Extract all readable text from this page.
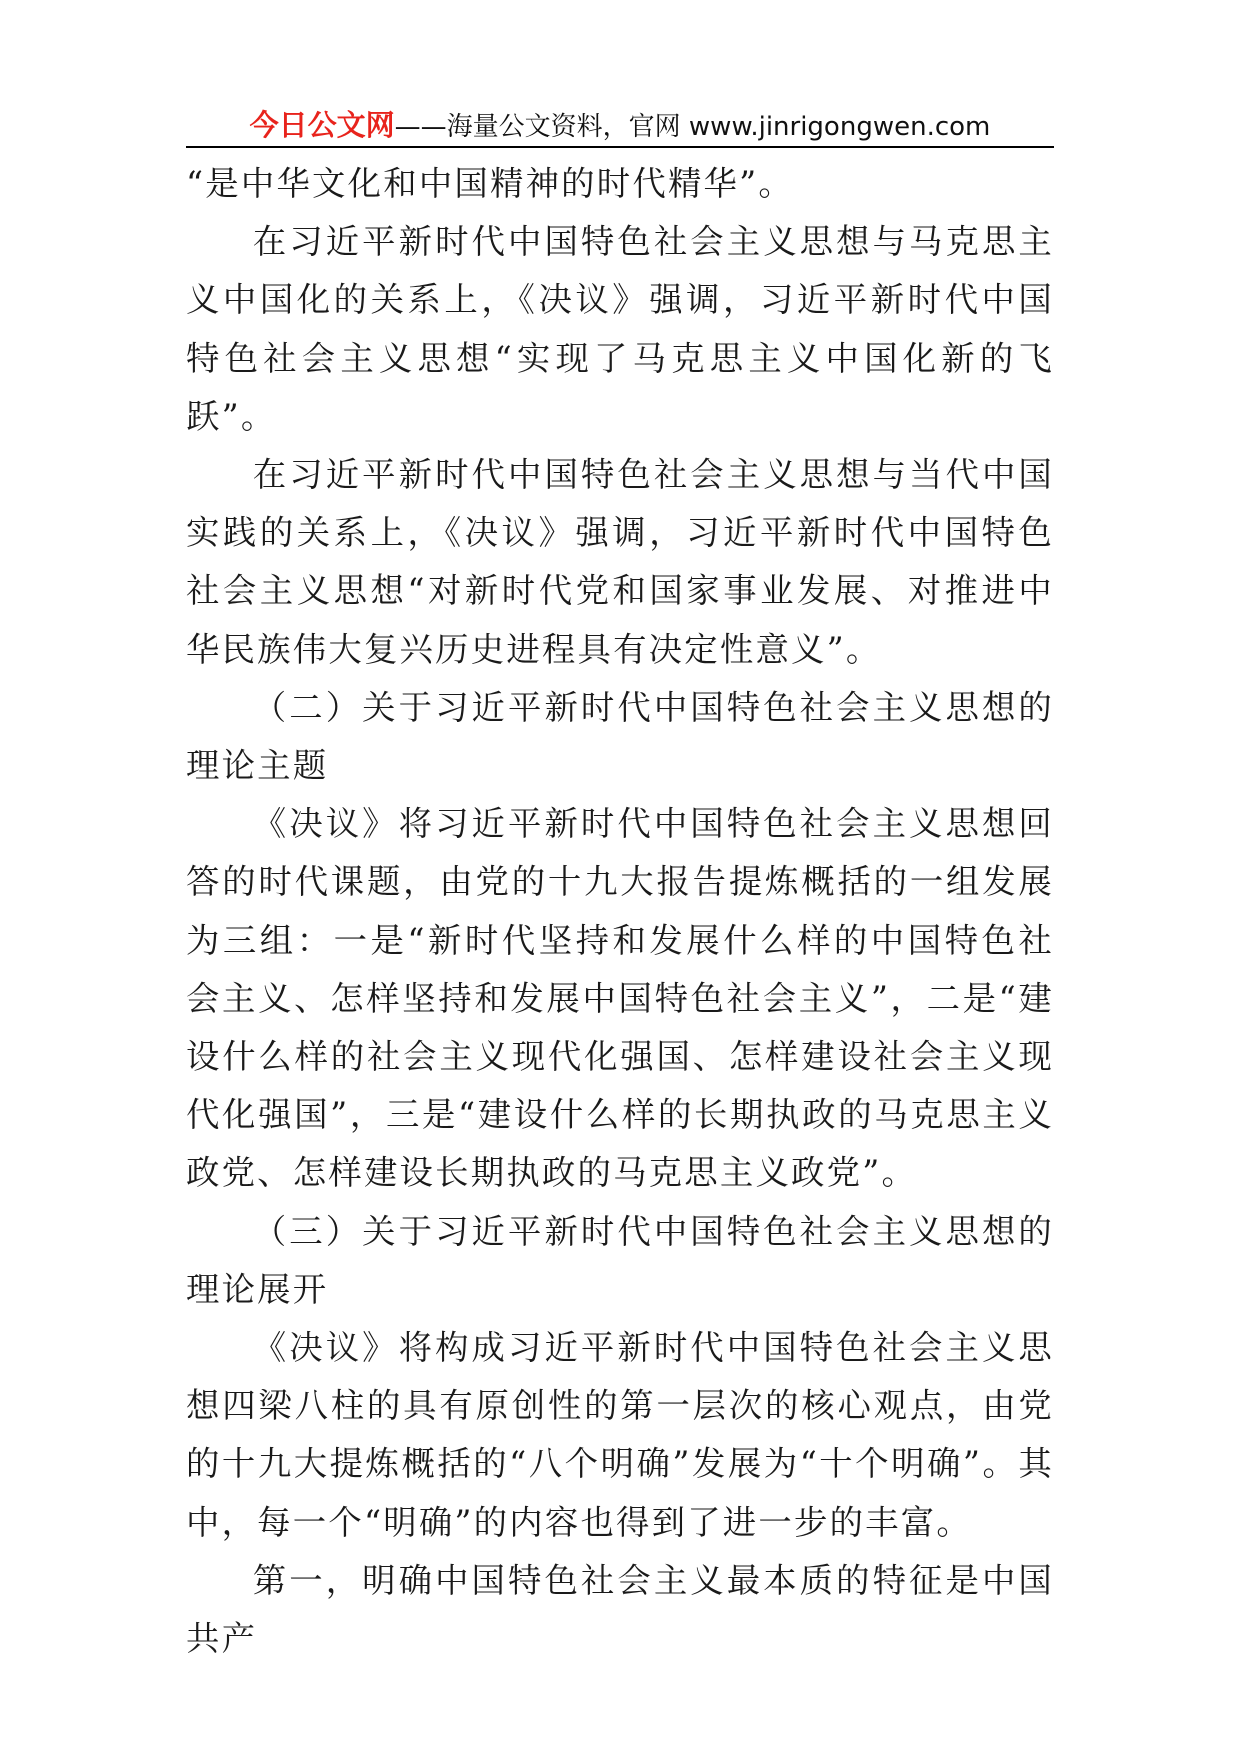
今日公文网——海量公文资料，官网 www.jinrigongwen.com

“是中华文化和中国精神的时代精华”。

在习近平新时代中国特色社会主义思想与马克思主义中国化的关系上，《决议》强调，习近平新时代中国特色社会主义思想“实现了马克思主义中国化新的飞跃”。

在习近平新时代中国特色社会主义思想与当代中国实践的关系上，《决议》强调，习近平新时代中国特色社会主义思想“对新时代党和国家事业发展、对推进中华民族伟大复兴历史进程具有决定性意义”。

（二）关于习近平新时代中国特色社会主义思想的理论主题

《决议》将习近平新时代中国特色社会主义思想回答的时代课题，由党的十九大报告提炼概括的一组发展为三组：一是“新时代坚持和发展什么样的中国特色社会主义、怎样坚持和发展中国特色社会主义”，二是“建设什么样的社会主义现代化强国、怎样建设社会主义现代化强国”，三是“建设什么样的长期执政的马克思主义政党、怎样建设长期执政的马克思主义政党”。

（三）关于习近平新时代中国特色社会主义思想的理论展开

《决议》将构成习近平新时代中国特色社会主义思想四梁八柱的具有原创性的第一层次的核心观点，由党的十九大提炼概括的“八个明确”发展为“十个明确”。其中，每一个“明确”的内容也得到了进一步的丰富。

第一，明确中国特色社会主义最本质的特征是中国共产
